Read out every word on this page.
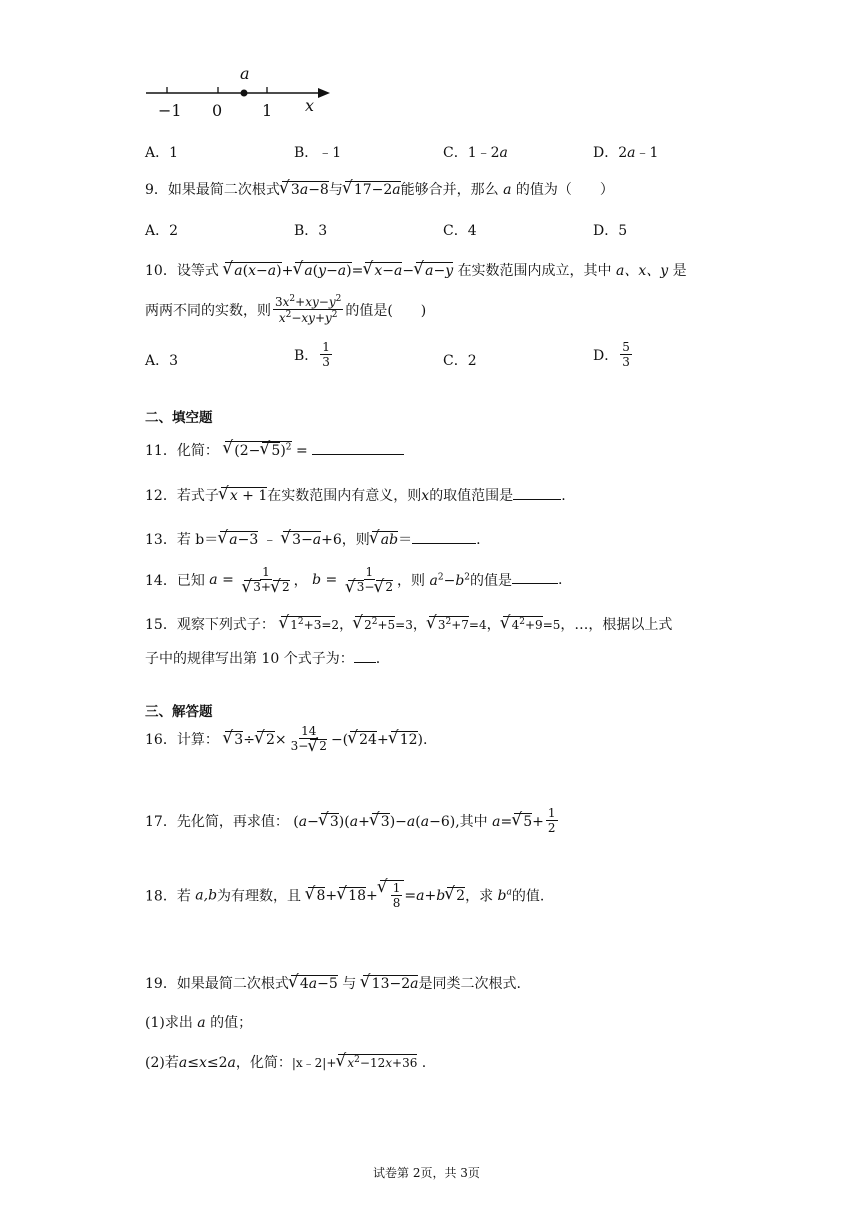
a
−1 0 1 x
A．1	B．﹣1	C．1﹣2a	D．2a﹣1
9．如果最简二次根式√ 3a−8与√ 17−2a能够合并，那么 a 的值为（　　）
A．2	B．3	C．4	D．5
10．设等式 √ a(x−a)+√ a(y−a)=√ x−a−√ a−y 在实数范围内成立，其中 a、x、y 是
两两不同的实数，则 $\frac{3x^2+xy-y^2}{x^2-xy+y^2}$ 的值是(　　)
A．3	B． $\frac{1}{3}$	C．2	D． $\frac{5}{3}$
二、填空题
11．化简： √ (2−√ 5)$^2$ =
12．若式子√ x + 1在实数范围内有意义，则x的取值范围是	.
13．若 b＝√ a−3 ﹣ √ 3−a+6，则√ ab＝	.
14．已知 a = 1
√ 3+√ 2 ， b = 1
√ 3−√ 2 ，则 $a^2-b^2$的值是	.
15．观察下列式子： √ $1^2+3=2$，√ $2^2+5=3$，√ $3^2+7=4$，√ $4^2+9=5$，…，根据以上式
子中的规律写出第 10 个式子为： .
三、解答题
16．计算： √ 3÷√ $2\times \frac{14}{3-√ 2}$ −(√ 24+√ 12).
17．先化简，再求值： (a−√ 3)(a+√ 3)−a(a−6),其中 a=√ $5+ \frac{1}{2}$
18．若 a,b为有理数，且 √ 8+√ 18+
√ $\frac{1}{8} =a+b√$ 2，求 $b^a$的值.
19．如果最简二次根式√ 4a−5 与 √ 13−2a是同类二次根式.
(1)求出 a 的值；
(2)若a≤x≤2a，化简：|x﹣2|+√ $x^2-12x+36$ .
试卷第 2页，共 3页
